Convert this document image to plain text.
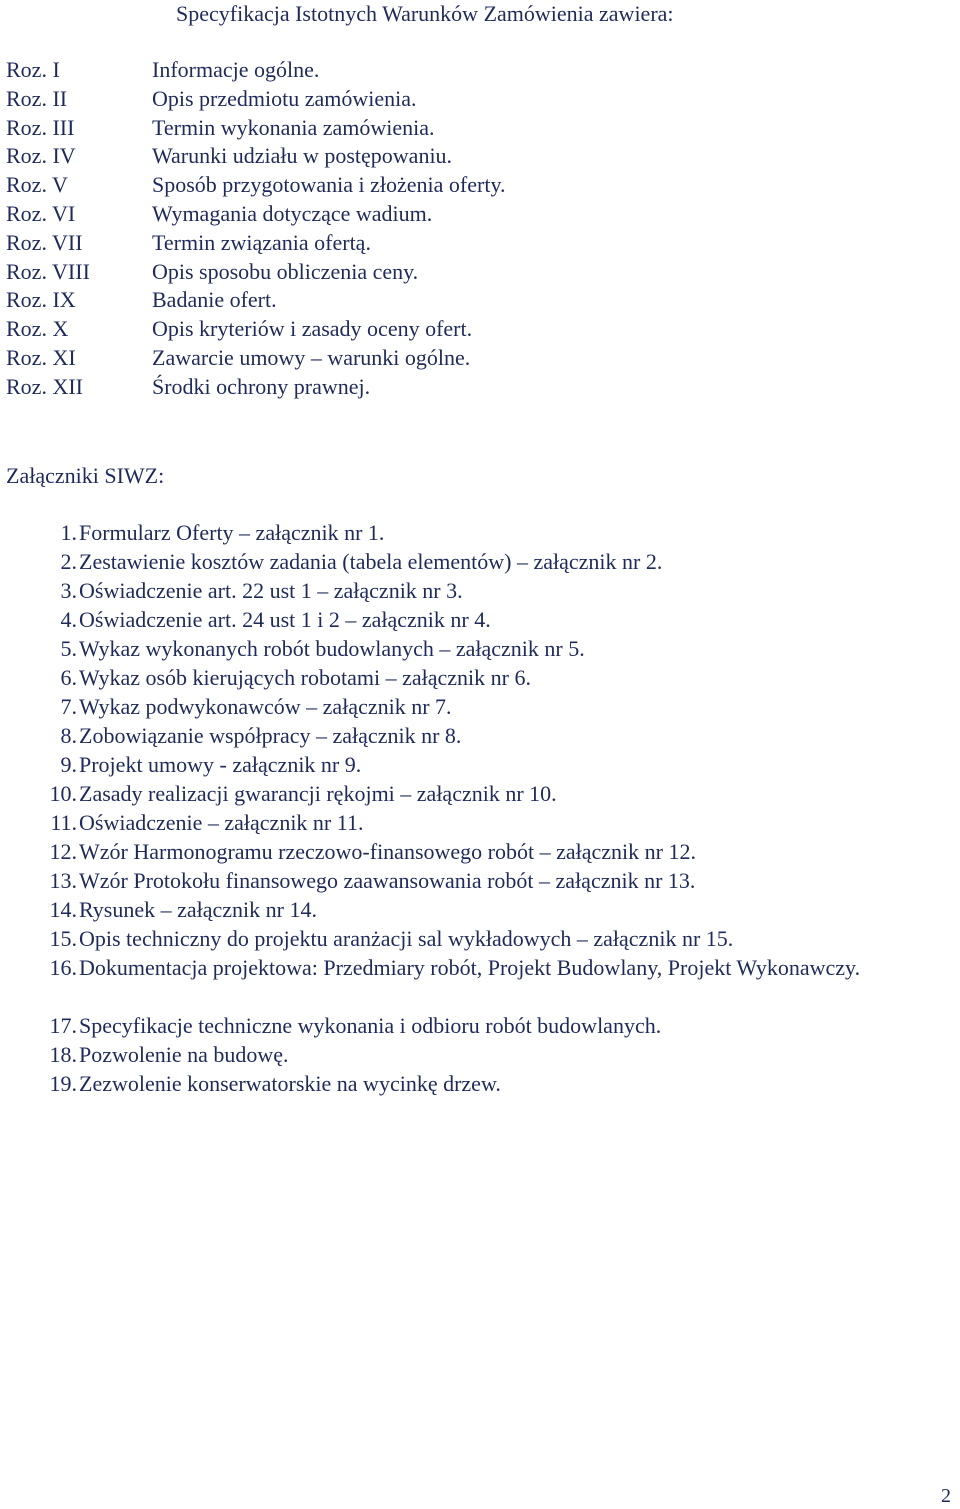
Specyfikacja Istotnych Warunków Zamówienia zawiera:
Roz. I	Informacje ogólne.
Roz. II	Opis przedmiotu zamówienia.
Roz. III	Termin wykonania zamówienia.
Roz. IV	Warunki udziału w postępowaniu.
Roz. V	Sposób przygotowania i złożenia oferty.
Roz. VI	Wymagania dotyczące wadium.
Roz. VII	Termin związania ofertą.
Roz. VIII	Opis sposobu obliczenia ceny.
Roz. IX	Badanie ofert.
Roz. X	Opis kryteriów i zasady oceny ofert.
Roz. XI	Zawarcie umowy – warunki ogólne.
Roz. XII	Środki ochrony prawnej.
Załączniki SIWZ:
1. Formularz Oferty – załącznik nr 1.
2. Zestawienie kosztów zadania (tabela elementów) – załącznik nr 2.
3. Oświadczenie art. 22 ust 1 – załącznik nr 3.
4. Oświadczenie art. 24 ust 1 i 2 – załącznik nr 4.
5. Wykaz wykonanych robót budowlanych – załącznik nr 5.
6. Wykaz osób kierujących robotami – załącznik nr 6.
7. Wykaz podwykonawców – załącznik nr 7.
8. Zobowiązanie współpracy – załącznik nr 8.
9. Projekt umowy - załącznik nr 9.
10. Zasady realizacji gwarancji rękojmi – załącznik nr 10.
11. Oświadczenie – załącznik nr 11.
12. Wzór Harmonogramu rzeczowo-finansowego robót – załącznik nr 12.
13. Wzór Protokołu finansowego zaawansowania robót – załącznik nr 13.
14. Rysunek – załącznik nr 14.
15. Opis techniczny do projektu aranżacji sal wykładowych – załącznik nr 15.
16. Dokumentacja projektowa: Przedmiary robót, Projekt Budowlany, Projekt Wykonawczy.
17. Specyfikacje techniczne wykonania i odbioru robót budowlanych.
18. Pozwolenie na budowę.
19. Zezwolenie konserwatorskie na wycinkę drzew.
2
